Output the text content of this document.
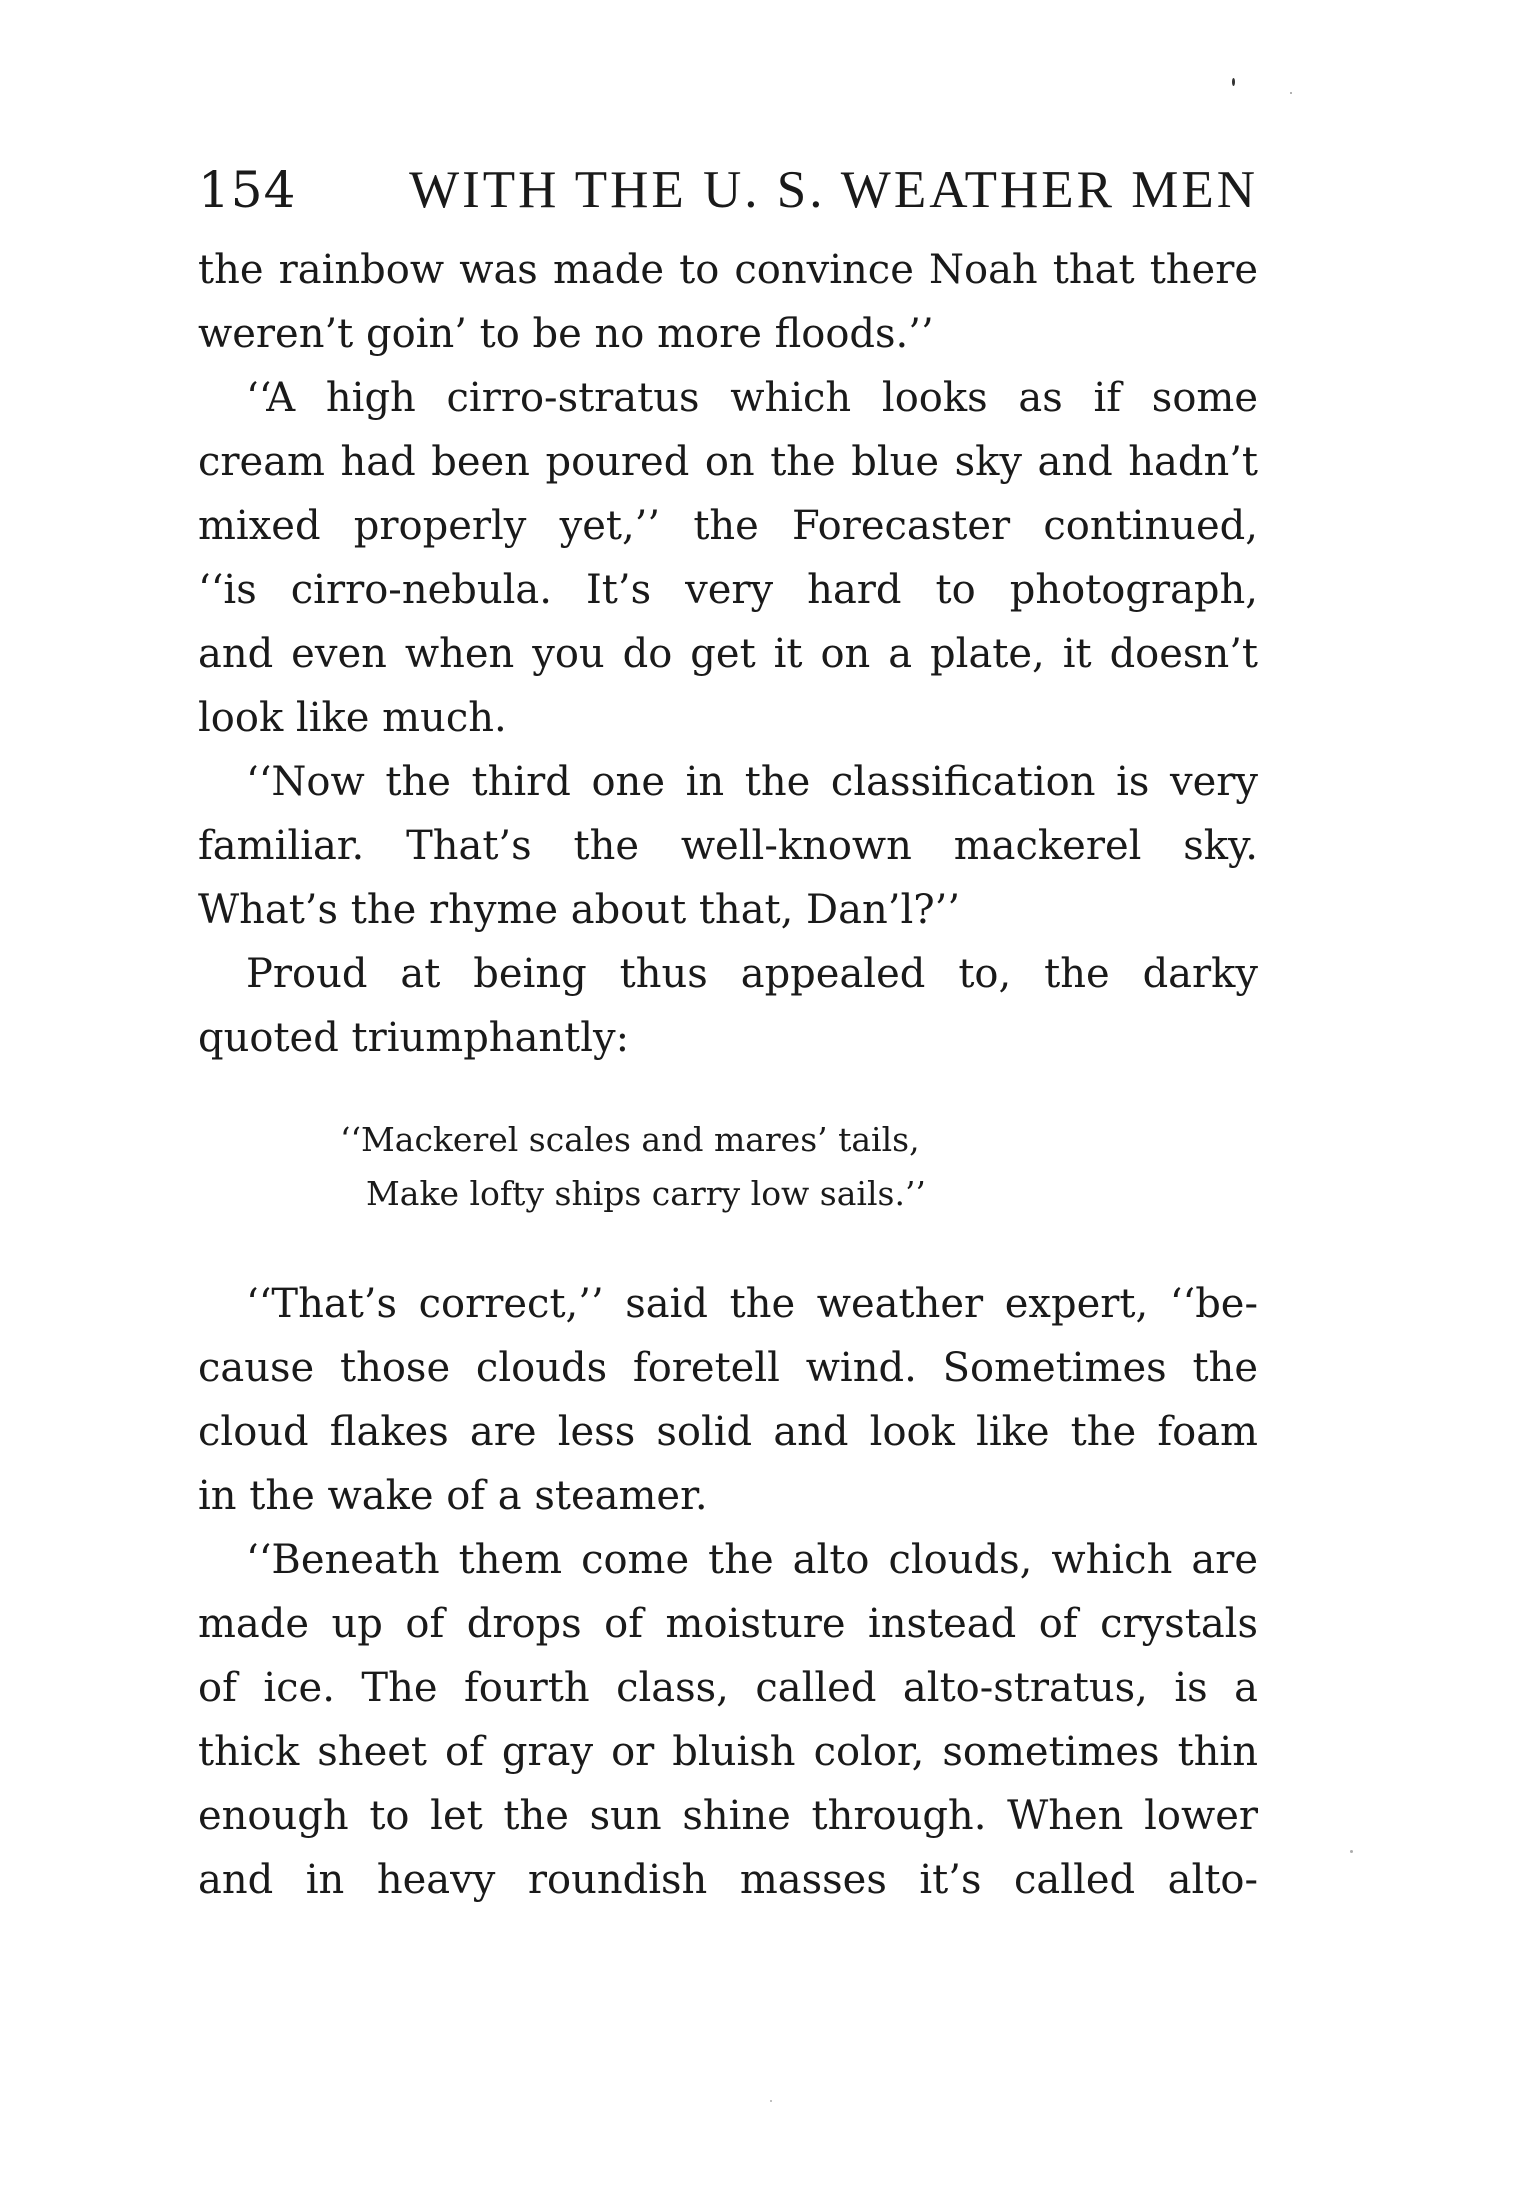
154 WITH THE U. S. WEATHER MEN
the rainbow was made to convince Noah that there
weren’t goin’ to be no more floods.’’
‘‘A high cirro-stratus which looks as if some
cream had been poured on the blue sky and hadn’t
mixed properly yet,’’ the Forecaster continued,
‘‘is cirro-nebula. It’s very hard to photograph,
and even when you do get it on a plate, it doesn’t
look like much.
‘‘Now the third one in the classification is very
familiar. That’s the well-known mackerel sky.
What’s the rhyme about that, Dan’l?’’
Proud at being thus appealed to, the darky
quoted triumphantly:
‘‘Mackerel scales and mares’ tails,
Make lofty ships carry low sails.’’
‘‘That’s correct,’’ said the weather expert, ‘‘be-
cause those clouds foretell wind. Sometimes the
cloud flakes are less solid and look like the foam
in the wake of a steamer.
‘‘Beneath them come the alto clouds, which are
made up of drops of moisture instead of crystals
of ice. The fourth class, called alto-stratus, is a
thick sheet of gray or bluish color, sometimes thin
enough to let the sun shine through. When lower
and in heavy roundish masses it’s called alto-
